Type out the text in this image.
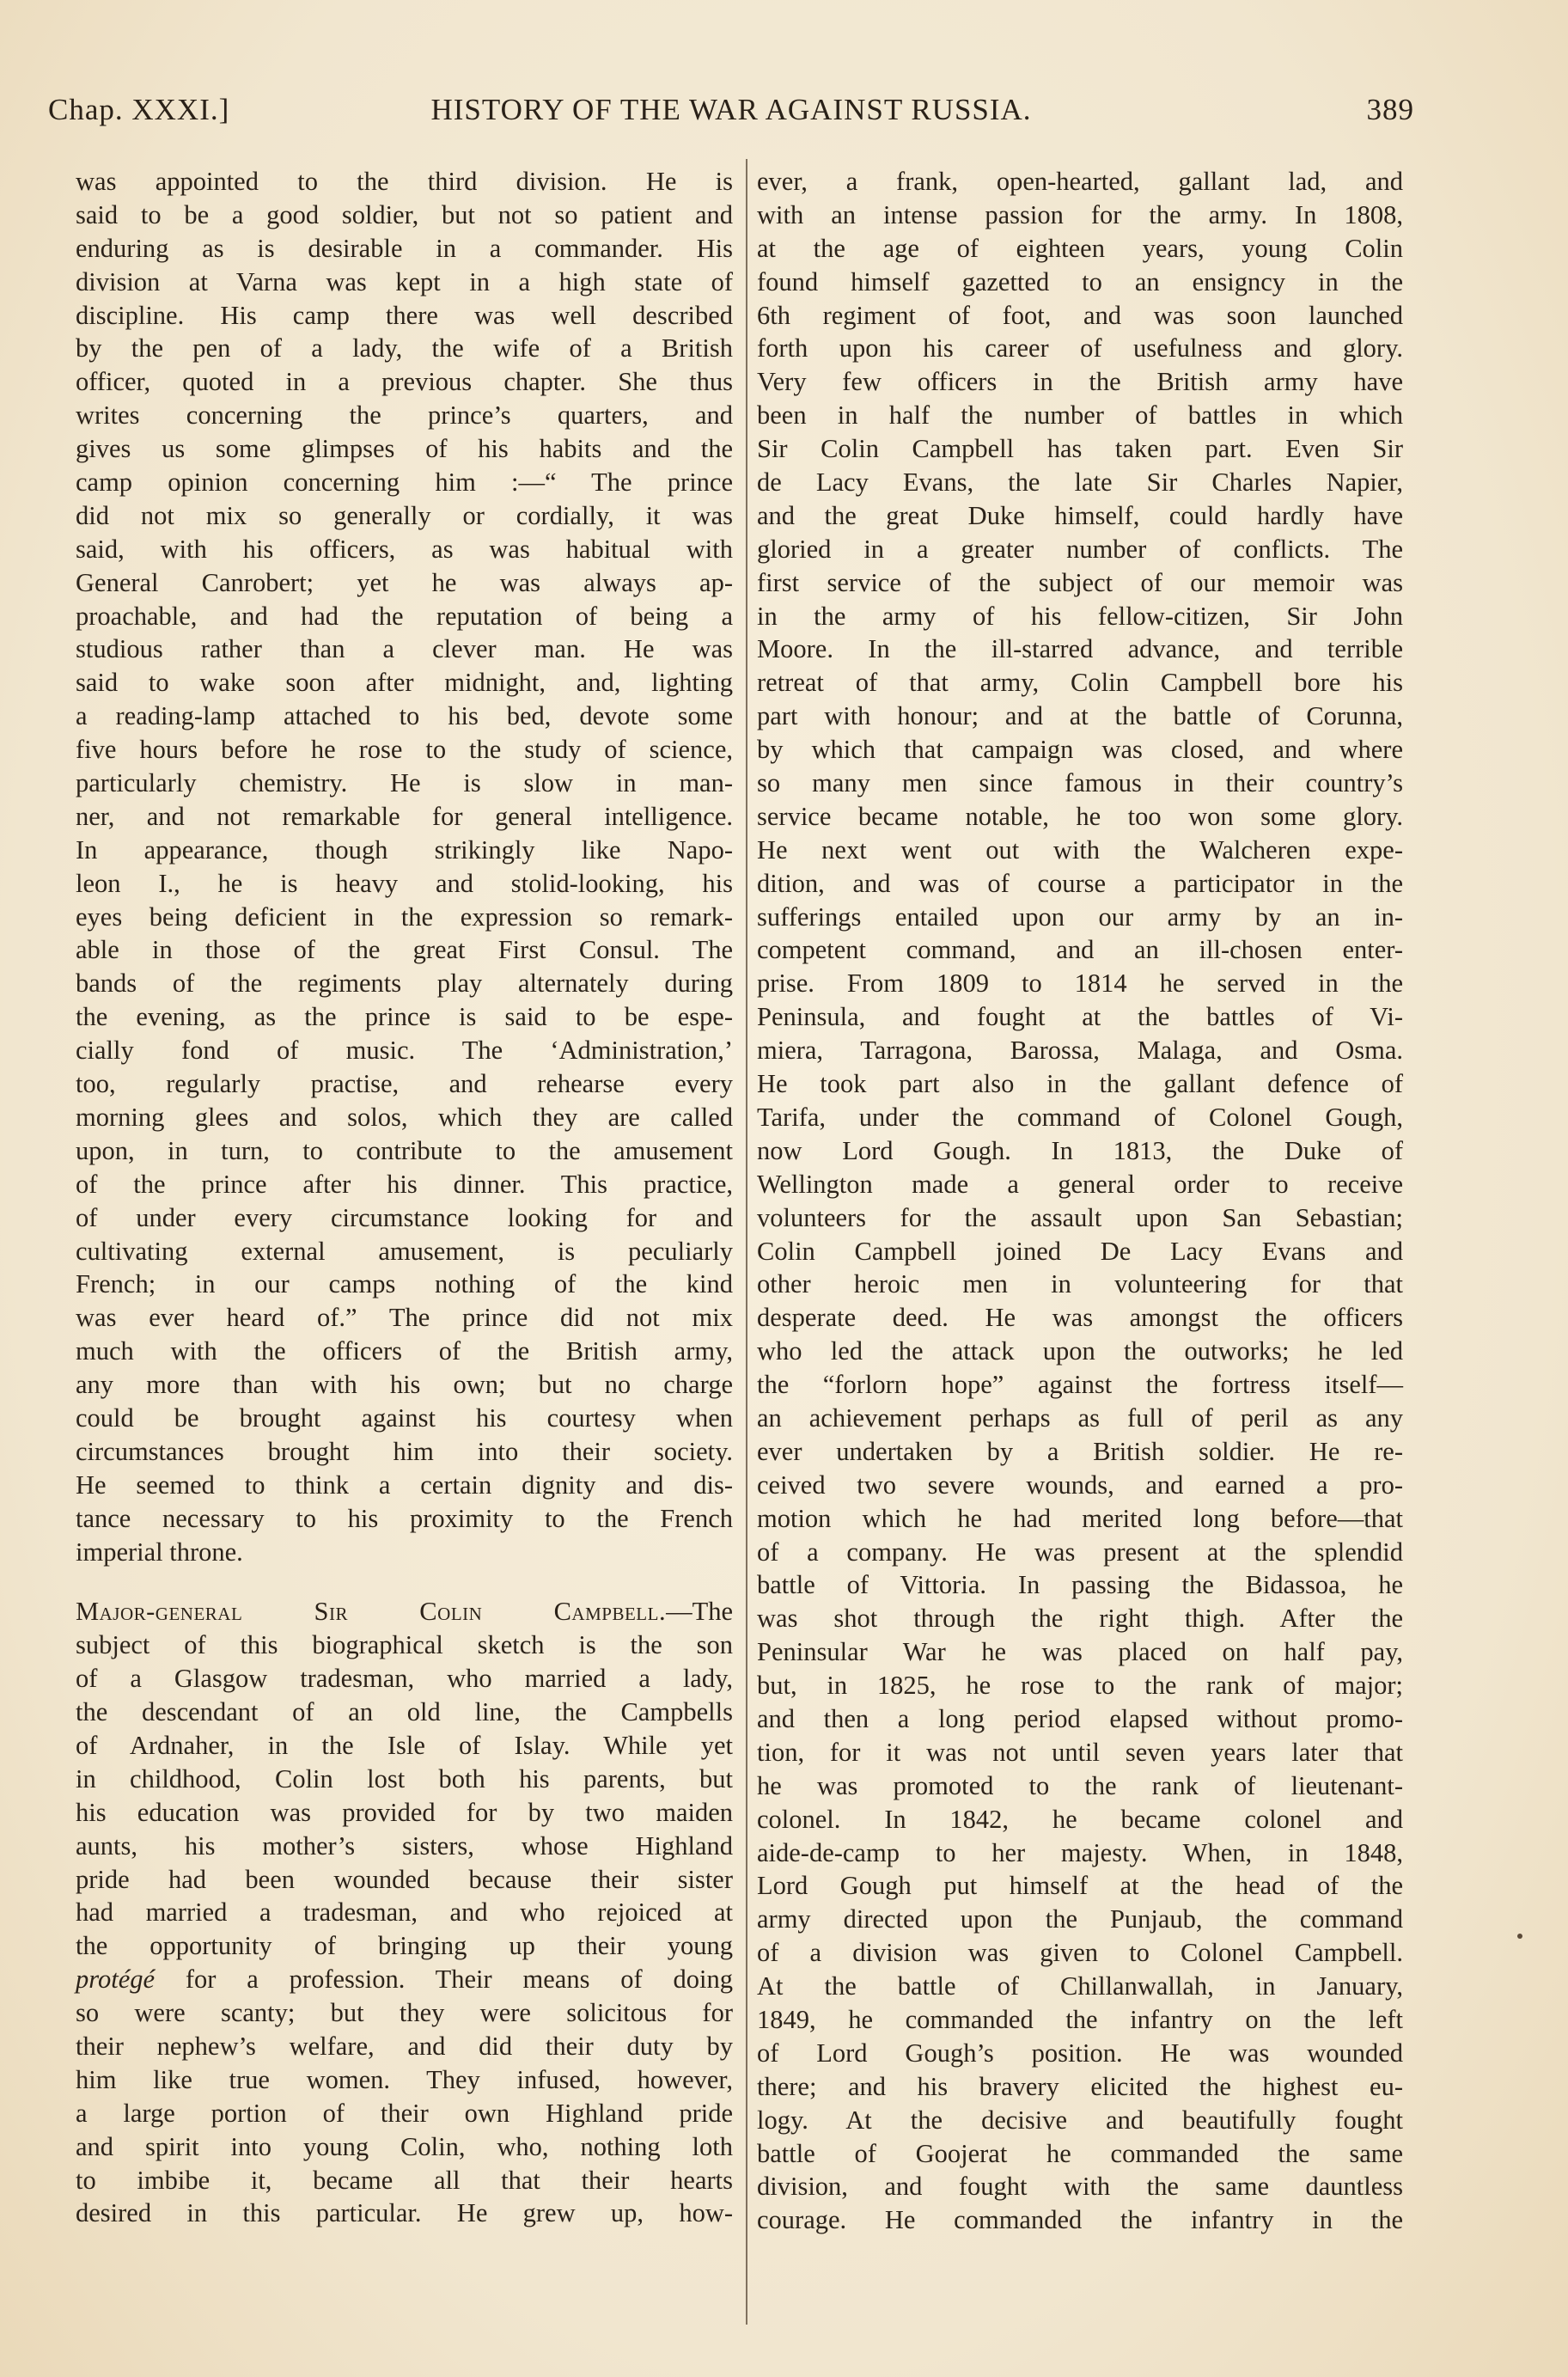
Chap. XXXI.]	HISTORY OF THE WAR AGAINST RUSSIA.	389
was appointed to the third division. He is
said to be a good soldier, but not so patient and
enduring as is desirable in a commander. His
division at Varna was kept in a high state of
discipline. His camp there was well described
by the pen of a lady, the wife of a British
officer, quoted in a previous chapter. She thus
writes concerning the prince’s quarters, and
gives us some glimpses of his habits and the
camp opinion concerning him :—“ The prince
did not mix so generally or cordially, it was
said, with his officers, as was habitual with
General Canrobert; yet he was always ap-
proachable, and had the reputation of being a
studious rather than a clever man. He was
said to wake soon after midnight, and, lighting
a reading-lamp attached to his bed, devote some
five hours before he rose to the study of science,
particularly chemistry. He is slow in man-
ner, and not remarkable for general intelligence.
In appearance, though strikingly like Napo-
leon I., he is heavy and stolid-looking, his
eyes being deficient in the expression so remark-
able in those of the great First Consul. The
bands of the regiments play alternately during
the evening, as the prince is said to be espe-
cially fond of music. The ‘Administration,’
too, regularly practise, and rehearse every
morning glees and solos, which they are called
upon, in turn, to contribute to the amusement
of the prince after his dinner. This practice,
of under every circumstance looking for and
cultivating external amusement, is peculiarly
French; in our camps nothing of the kind
was ever heard of.” The prince did not mix
much with the officers of the British army,
any more than with his own; but no charge
could be brought against his courtesy when
circumstances brought him into their society.
He seemed to think a certain dignity and dis-
tance necessary to his proximity to the French
imperial throne.
Major-general Sir Colin Campbell.—The
subject of this biographical sketch is the son
of a Glasgow tradesman, who married a lady,
the descendant of an old line, the Campbells
of Ardnaher, in the Isle of Islay. While yet
in childhood, Colin lost both his parents, but
his education was provided for by two maiden
aunts, his mother’s sisters, whose Highland
pride had been wounded because their sister
had married a tradesman, and who rejoiced at
the opportunity of bringing up their young
protégé for a profession. Their means of doing
so were scanty; but they were solicitous for
their nephew’s welfare, and did their duty by
him like true women. They infused, however,
a large portion of their own Highland pride
and spirit into young Colin, who, nothing loth
to imbibe it, became all that their hearts
desired in this particular. He grew up, how-
ever, a frank, open-hearted, gallant lad, and
with an intense passion for the army. In 1808,
at the age of eighteen years, young Colin
found himself gazetted to an ensigncy in the
6th regiment of foot, and was soon launched
forth upon his career of usefulness and glory.
Very few officers in the British army have
been in half the number of battles in which
Sir Colin Campbell has taken part. Even Sir
de Lacy Evans, the late Sir Charles Napier,
and the great Duke himself, could hardly have
gloried in a greater number of conflicts. The
first service of the subject of our memoir was
in the army of his fellow-citizen, Sir John
Moore. In the ill-starred advance, and terrible
retreat of that army, Colin Campbell bore his
part with honour; and at the battle of Corunna,
by which that campaign was closed, and where
so many men since famous in their country’s
service became notable, he too won some glory.
He next went out with the Walcheren expe-
dition, and was of course a participator in the
sufferings entailed upon our army by an in-
competent command, and an ill-chosen enter-
prise. From 1809 to 1814 he served in the
Peninsula, and fought at the battles of Vi-
miera, Tarragona, Barossa, Malaga, and Osma.
He took part also in the gallant defence of
Tarifa, under the command of Colonel Gough,
now Lord Gough. In 1813, the Duke of
Wellington made a general order to receive
volunteers for the assault upon San Sebastian;
Colin Campbell joined De Lacy Evans and
other heroic men in volunteering for that
desperate deed. He was amongst the officers
who led the attack upon the outworks; he led
the “forlorn hope” against the fortress itself—
an achievement perhaps as full of peril as any
ever undertaken by a British soldier. He re-
ceived two severe wounds, and earned a pro-
motion which he had merited long before—that
of a company. He was present at the splendid
battle of Vittoria. In passing the Bidassoa, he
was shot through the right thigh. After the
Peninsular War he was placed on half pay,
but, in 1825, he rose to the rank of major;
and then a long period elapsed without promo-
tion, for it was not until seven years later that
he was promoted to the rank of lieutenant-
colonel. In 1842, he became colonel and
aide-de-camp to her majesty. When, in 1848,
Lord Gough put himself at the head of the
army directed upon the Punjaub, the command
of a division was given to Colonel Campbell.
At the battle of Chillanwallah, in January,
1849, he commanded the infantry on the left
of Lord Gough’s position. He was wounded
there; and his bravery elicited the highest eu-
logy. At the decisive and beautifully fought
battle of Goojerat he commanded the same
division, and fought with the same dauntless
courage. He commanded the infantry in the
